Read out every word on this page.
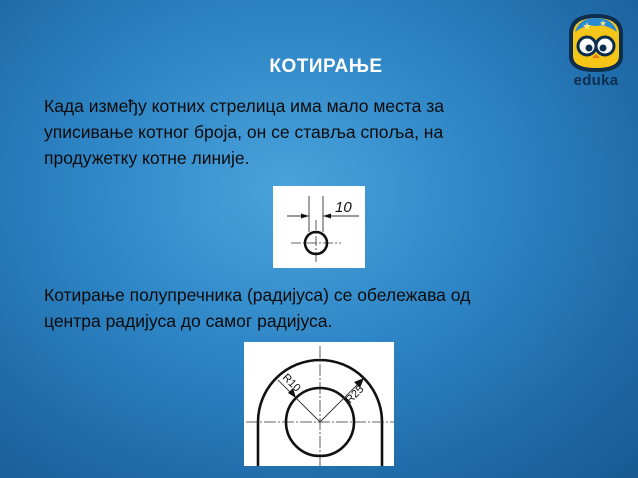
КОТИРАЊЕ

Када између котних стрелица има мало места за
уписивање котног броја, он се ставља споља, на
продужетку котне линије.

10

Котирање полупречника (радијуса) се обележава од
центра радијуса до самог радијуса.

R10
R25
eduka
